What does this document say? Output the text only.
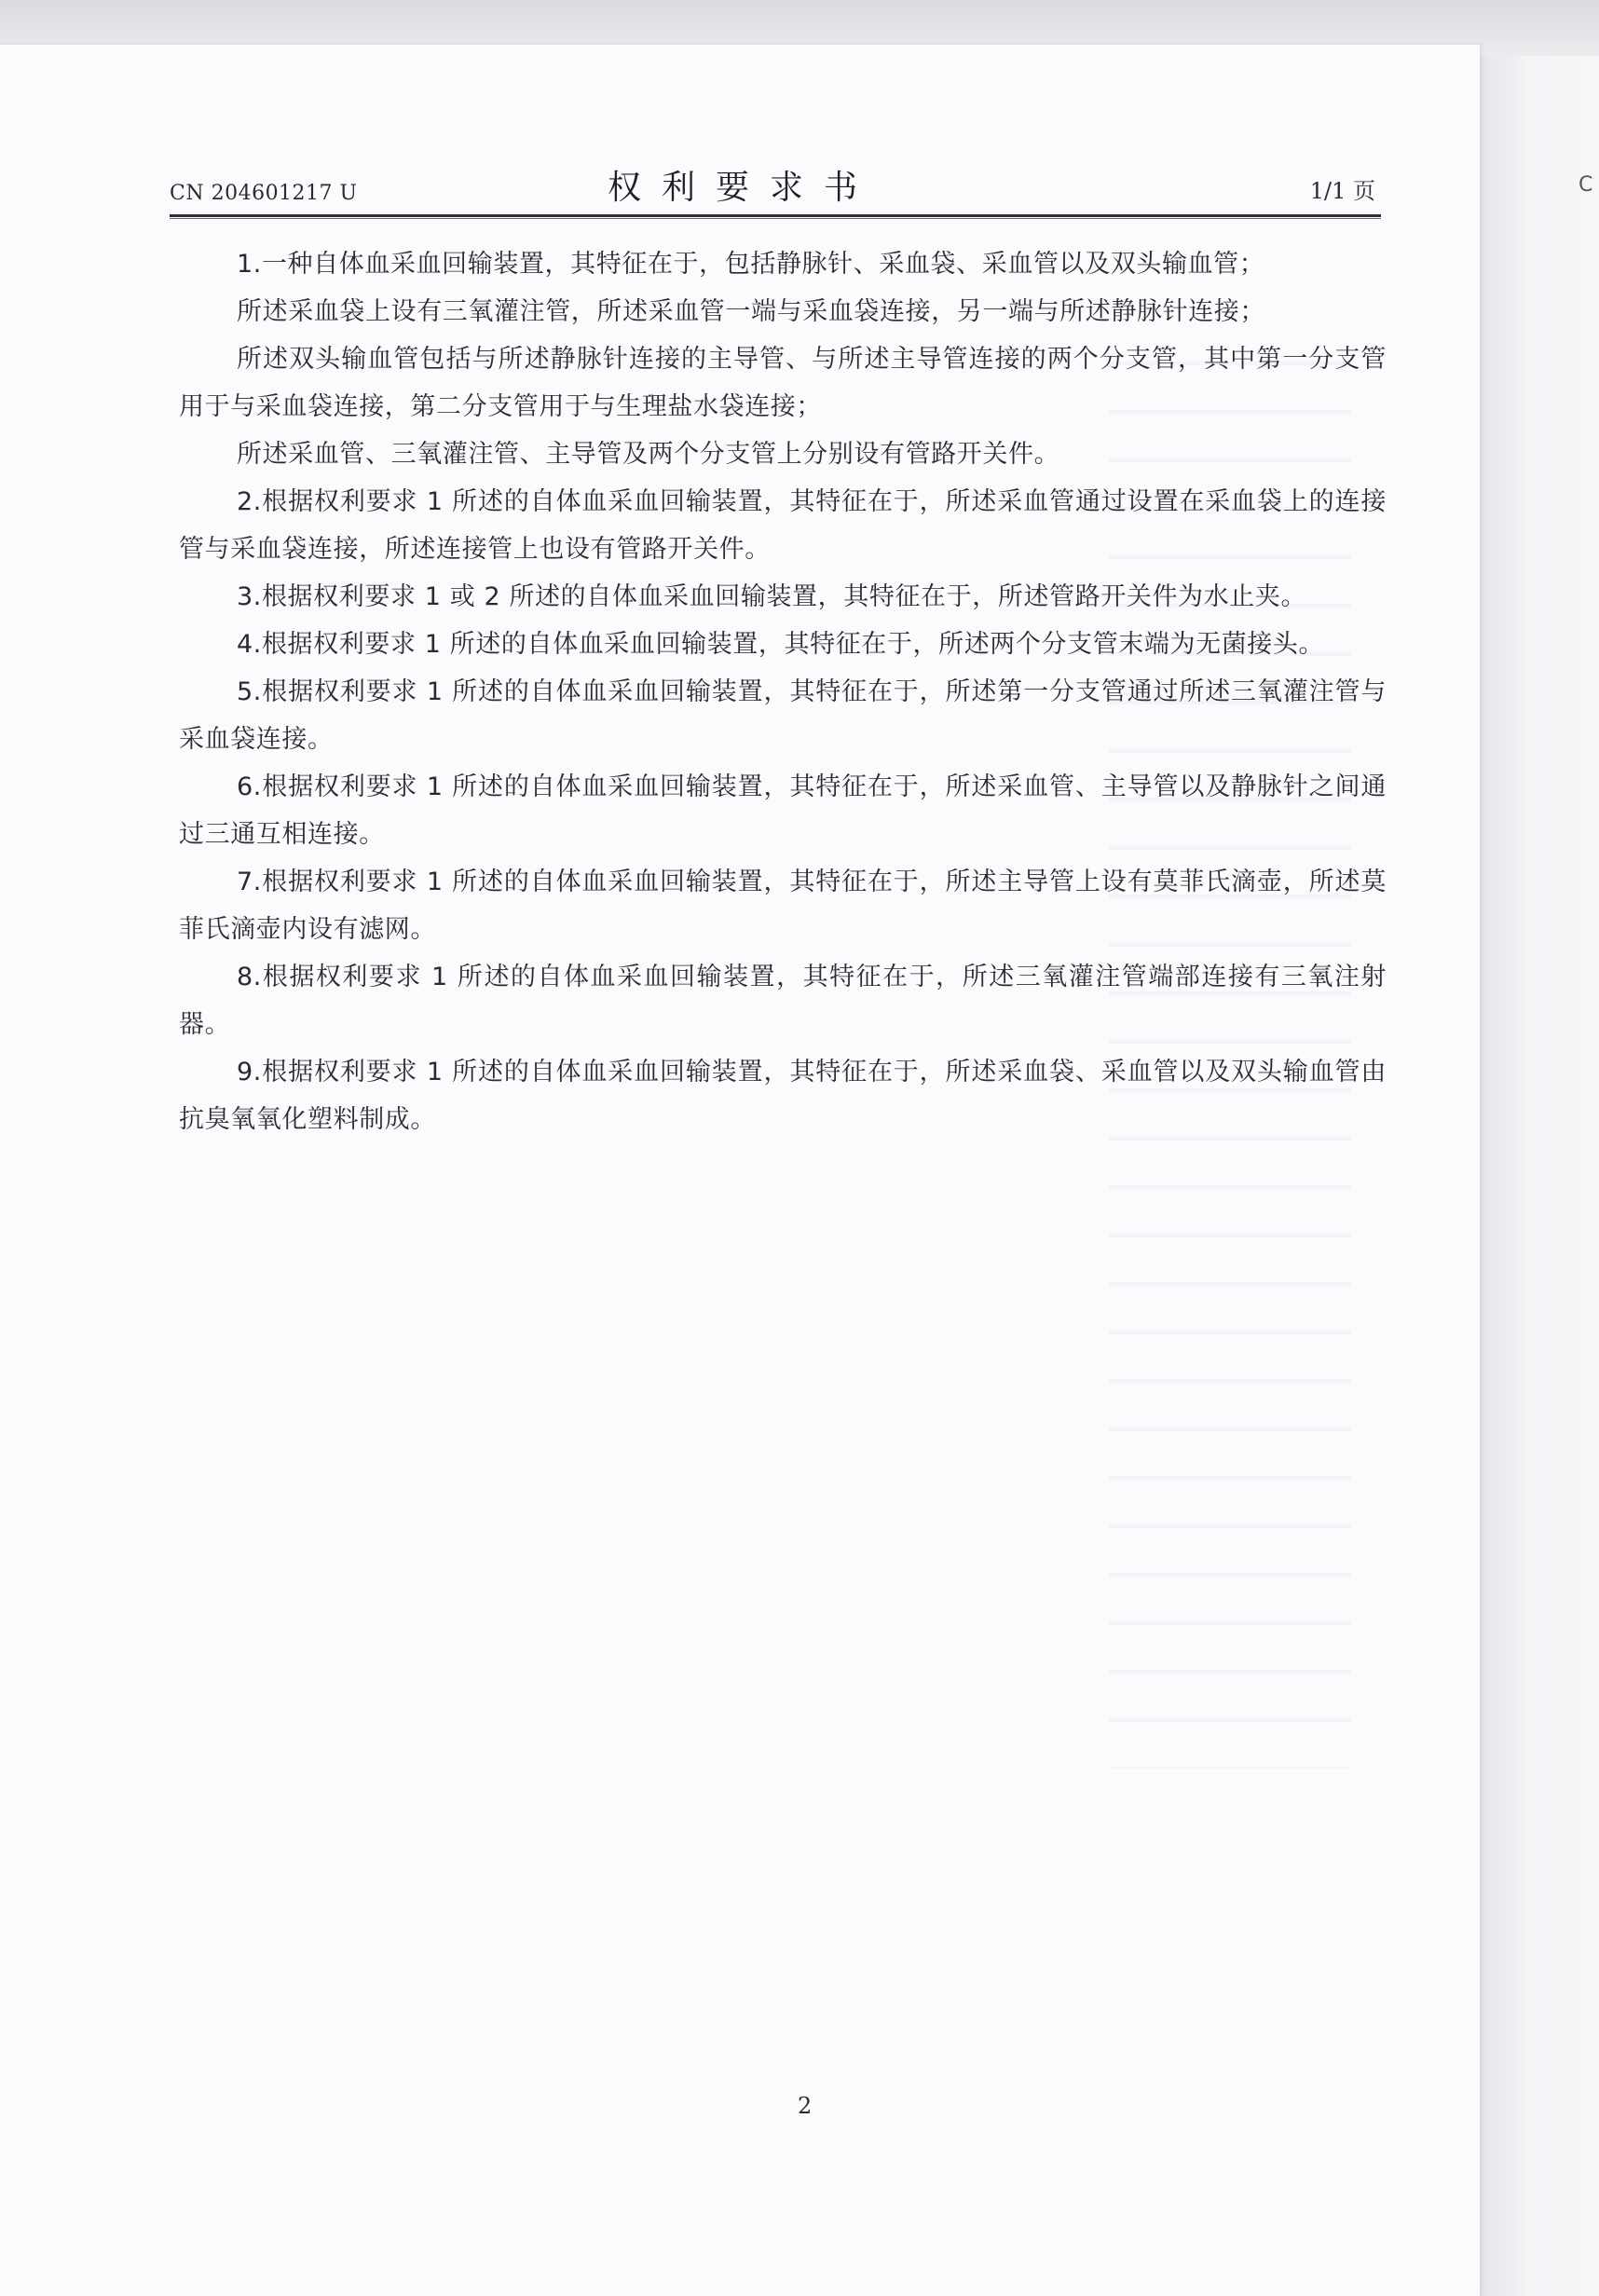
C
CN 204601217 U	权利要求书	1/1 页

1.一种自体血采血回输装置，其特征在于，包括静脉针、采血袋、采血管以及双头输血管；

所述采血袋上设有三氧灌注管，所述采血管一端与采血袋连接，另一端与所述静脉针连接；

所述双头输血管包括与所述静脉针连接的主导管、与所述主导管连接的两个分支管，其中第一分支管用于与采血袋连接，第二分支管用于与生理盐水袋连接；

所述采血管、三氧灌注管、主导管及两个分支管上分别设有管路开关件。

2.根据权利要求 1 所述的自体血采血回输装置，其特征在于，所述采血管通过设置在采血袋上的连接管与采血袋连接，所述连接管上也设有管路开关件。

3.根据权利要求 1 或 2 所述的自体血采血回输装置，其特征在于，所述管路开关件为水止夹。

4.根据权利要求 1 所述的自体血采血回输装置，其特征在于，所述两个分支管末端为无菌接头。

5.根据权利要求 1 所述的自体血采血回输装置，其特征在于，所述第一分支管通过所述三氧灌注管与采血袋连接。

6.根据权利要求 1 所述的自体血采血回输装置，其特征在于，所述采血管、主导管以及静脉针之间通过三通互相连接。

7.根据权利要求 1 所述的自体血采血回输装置，其特征在于，所述主导管上设有莫菲氏滴壶，所述莫菲氏滴壶内设有滤网。

8.根据权利要求 1 所述的自体血采血回输装置，其特征在于，所述三氧灌注管端部连接有三氧注射器。

9.根据权利要求 1 所述的自体血采血回输装置，其特征在于，所述采血袋、采血管以及双头输血管由抗臭氧氧化塑料制成。

2
